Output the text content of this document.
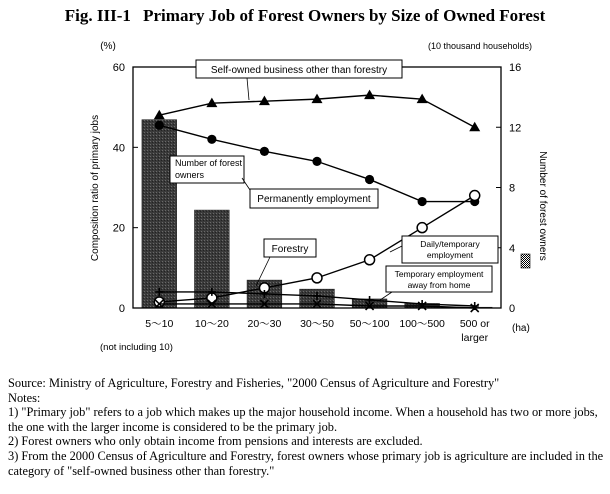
Fig. III-1 Primary Job of Forest Owners by Size of Owned Forest
(%)	(10 thousand households)
Composition ratio of primary jobs	Number of forest owners
0
20
40
60
0
4
8
12
16
5～10 10～20 20～30 30～50 50～100 100～500 500 or
larger
(ha)
(not including 10)
Self-owned business other than forestry
Number of forest
owners
Permanently employment
Forestry	Daily/temporary
employment
Temporary employment
away from home

Source: Ministry of Agriculture, Forestry and Fisheries, "2000 Census of Agriculture and Forestry"

Notes:

1) "Primary job" refers to a job which makes up the major household income. When a household has two or more jobs, the one with the larger income is considered to be the primary job.

2) Forest owners who only obtain income from pensions and interests are excluded.

3) From the 2000 Census of Agriculture and Forestry, forest owners whose primary job is agriculture are included in the category of "self-owned business other than forestry."
